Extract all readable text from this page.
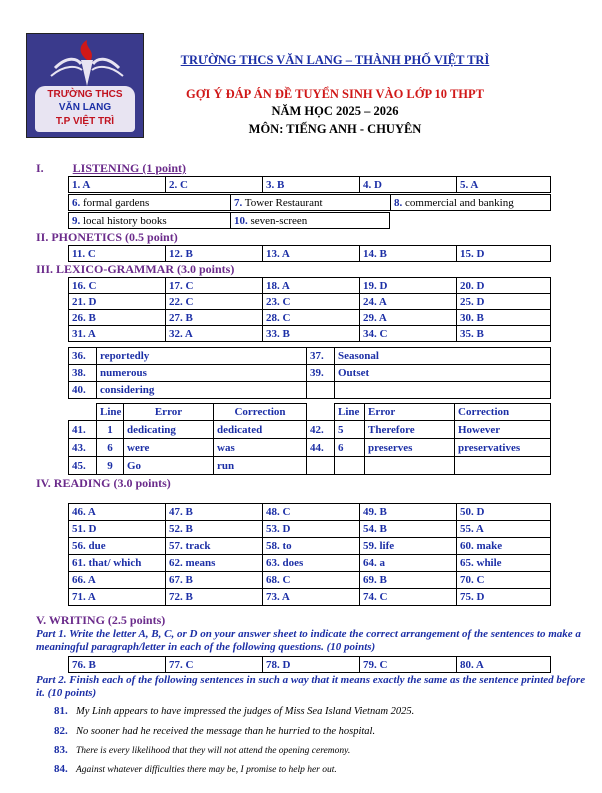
TRƯỜNG THCS
VĂN LANG
T.P VIỆT TRÌ
TRƯỜNG THCS VĂN LANG – THÀNH PHỐ VIỆT TRÌ
GỢI Ý ĐÁP ÁN ĐỀ TUYỂN SINH VÀO LỚP 10 THPT
NĂM HỌC 2025 – 2026
MÔN: TIẾNG ANH - CHUYÊN
I. LISTENING (1 point)
1. A	2. C	3. B	4. D	5. A
6. formal gardens	7. Tower Restaurant	8. commercial and banking
9. local history books	10. seven-screen
II. PHONETICS (0.5 point)
11. C	12. B	13. A	14. B	15. D
III. LEXICO-GRAMMAR (3.0 points)
16. C	17. C	18. A	19. D	20. D
21. D	22. C	23. C	24. A	25. D
26. B	27. B	28. C	29. A	30. B
31. A	32. A	33. B	34. C	35. B
36.	reportedly	37.	Seasonal
38.	numerous	39.	Outset
40.	considering		
	Line	Error	Correction		Line	Error	Correction
41.	1	dedicating	dedicated	42.	5	Therefore	However
43.	6	were	was	44.	6	preserves	preservatives
45.	9	Go	run				
IV. READING (3.0 points)
46. A	47. B	48. C	49. B	50. D
51. D	52. B	53. D	54. B	55. A
56. due	57. track	58. to	59. life	60. make
61. that/ which	62. means	63. does	64. a	65. while
66. A	67. B	68. C	69. B	70. C
71. A	72. B	73. A	74. C	75. D
V. WRITING (2.5 points)
Part 1. Write the letter A, B, C, or D on your answer sheet to indicate the correct arrangement of the sentences to make a meaningful paragraph/letter in each of the following questions. (10 points)
76. B	77. C	78. D	79. C	80. A
Part 2. Finish each of the following sentences in such a way that it means exactly the same as the sentence printed before it. (10 points)
81. My Linh appears to have impressed the judges of Miss Sea Island Vietnam 2025.
82. No sooner had he received the message than he hurried to the hospital.
83. There is every likelihood that they will not attend the opening ceremony.
84. Against whatever difficulties there may be, I promise to help her out.
